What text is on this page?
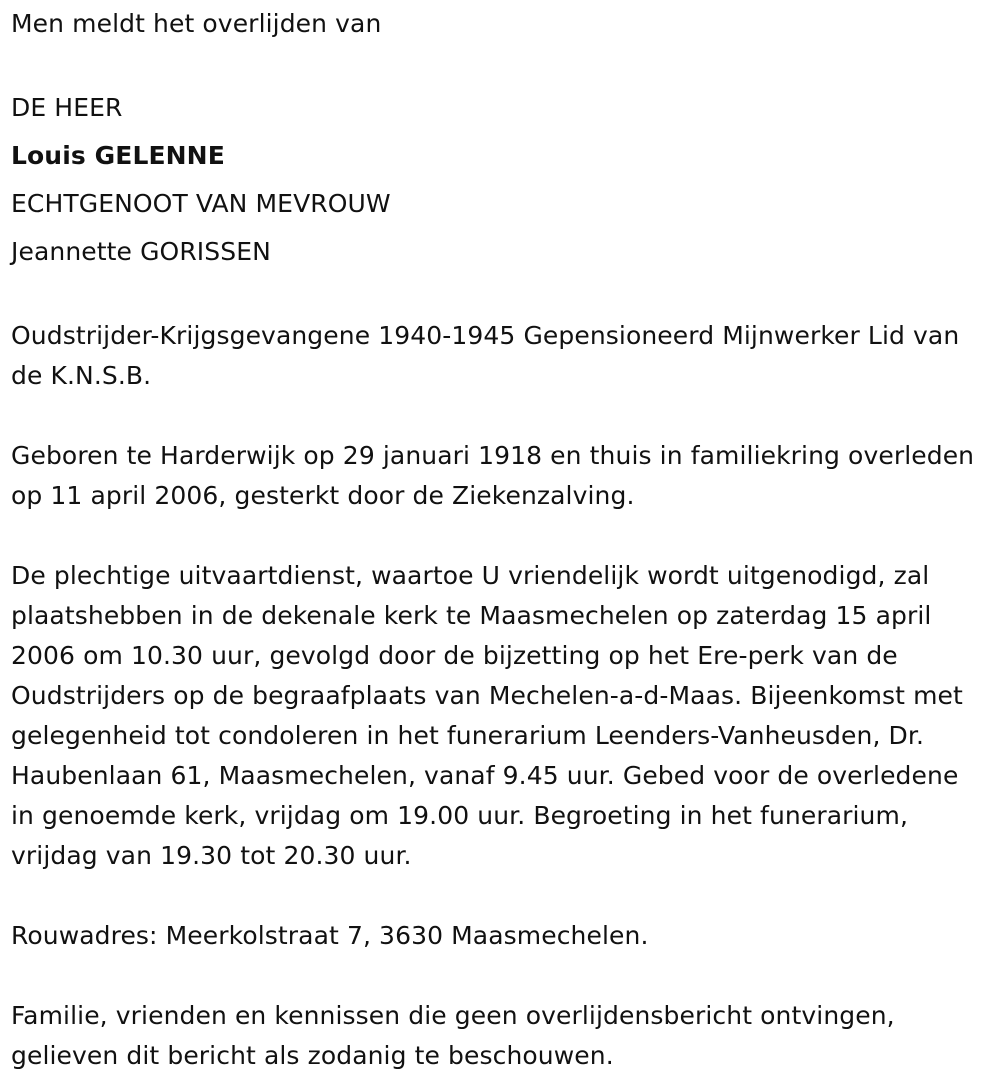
Men meldt het overlijden van

DE HEER

Louis GELENNE

ECHTGENOOT VAN MEVROUW

Jeannette GORISSEN

Oudstrijder-Krijgsgevangene 1940-1945 Gepensioneerd Mijnwerker Lid van de K.N.S.B.

Geboren te Harderwijk op 29 januari 1918 en thuis in familiekring overleden op 11 april 2006, gesterkt door de Ziekenzalving.

De plechtige uitvaartdienst, waartoe U vriendelijk wordt uitgenodigd, zal plaatshebben in de dekenale kerk te Maasmechelen op zaterdag 15 april 2006 om 10.30 uur, gevolgd door de bijzetting op het Ere-perk van de Oudstrijders op de begraafplaats van Mechelen-a-d-Maas. Bijeenkomst met gelegenheid tot condoleren in het funerarium Leenders-Vanheusden, Dr. Haubenlaan 61, Maasmechelen, vanaf 9.45 uur. Gebed voor de overledene in genoemde kerk, vrijdag om 19.00 uur. Begroeting in het funerarium, vrijdag van 19.30 tot 20.30 uur.

Rouwadres: Meerkolstraat 7, 3630 Maasmechelen.

Familie, vrienden en kennissen die geen overlijdensbericht ontvingen, gelieven dit bericht als zodanig te beschouwen.
